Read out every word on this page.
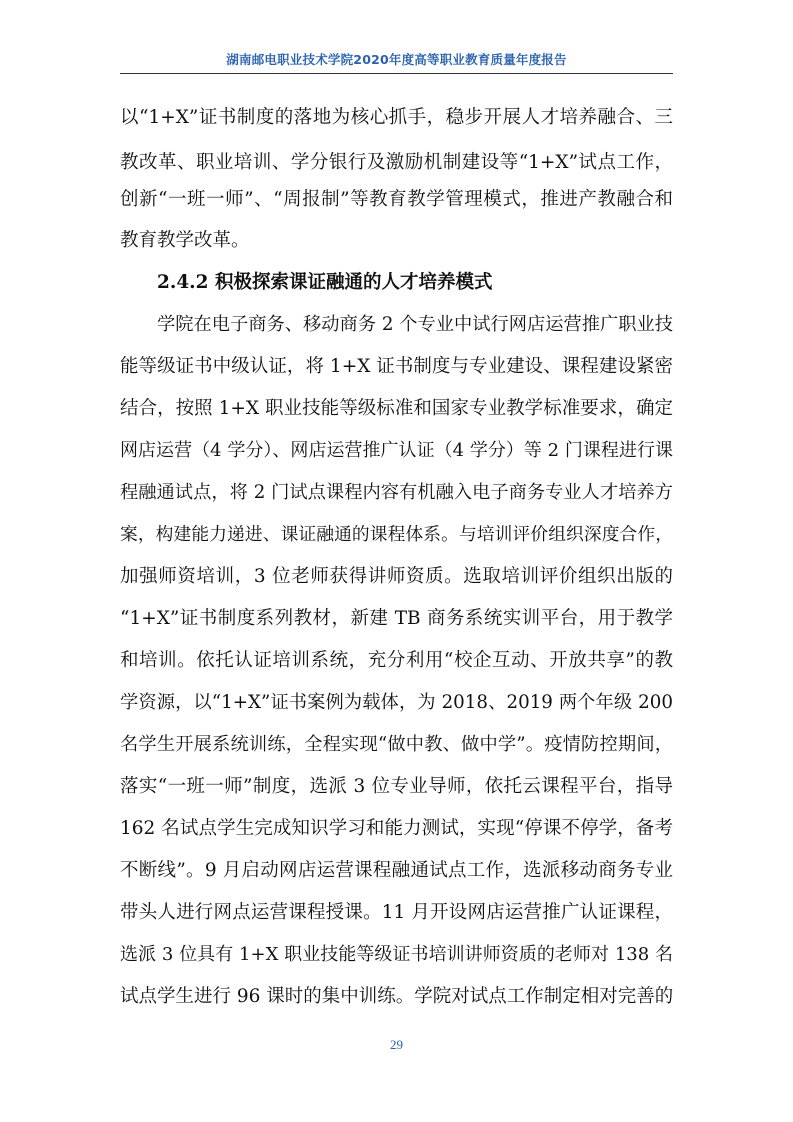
湖南邮电职业技术学院2020年度高等职业教育质量年度报告
以“1+X”证书制度的落地为核心抓手，稳步开展人才培养融合、三
教改革、职业培训、学分银行及激励机制建设等“1+X”试点工作，
创新“一班一师”、“周报制”等教育教学管理模式，推进产教融合和
教育教学改革。
2.4.2 积极探索课证融通的人才培养模式
学院在电子商务、移动商务 2 个专业中试行网店运营推广职业技
能等级证书中级认证，将 1+X 证书制度与专业建设、课程建设紧密
结合，按照 1+X 职业技能等级标准和国家专业教学标准要求，确定
网店运营（4 学分）、网店运营推广认证（4 学分）等 2 门课程进行课
程融通试点，将 2 门试点课程内容有机融入电子商务专业人才培养方
案，构建能力递进、课证融通的课程体系。与培训评价组织深度合作，
加强师资培训，3 位老师获得讲师资质。选取培训评价组织出版的
“1+X”证书制度系列教材，新建 TB 商务系统实训平台，用于教学
和培训。依托认证培训系统，充分利用“校企互动、开放共享”的教
学资源，以“1+X”证书案例为载体，为 2018、2019 两个年级 200
名学生开展系统训练，全程实现“做中教、做中学”。疫情防控期间，
落实“一班一师”制度，选派 3 位专业导师，依托云课程平台，指导
162 名试点学生完成知识学习和能力测试，实现“停课不停学，备考
不断线”。9 月启动网店运营课程融通试点工作，选派移动商务专业
带头人进行网点运营课程授课。11 月开设网店运营推广认证课程，
选派 3 位具有 1+X 职业技能等级证书培训讲师资质的老师对 138 名
试点学生进行 96 课时的集中训练。学院对试点工作制定相对完善的
29
